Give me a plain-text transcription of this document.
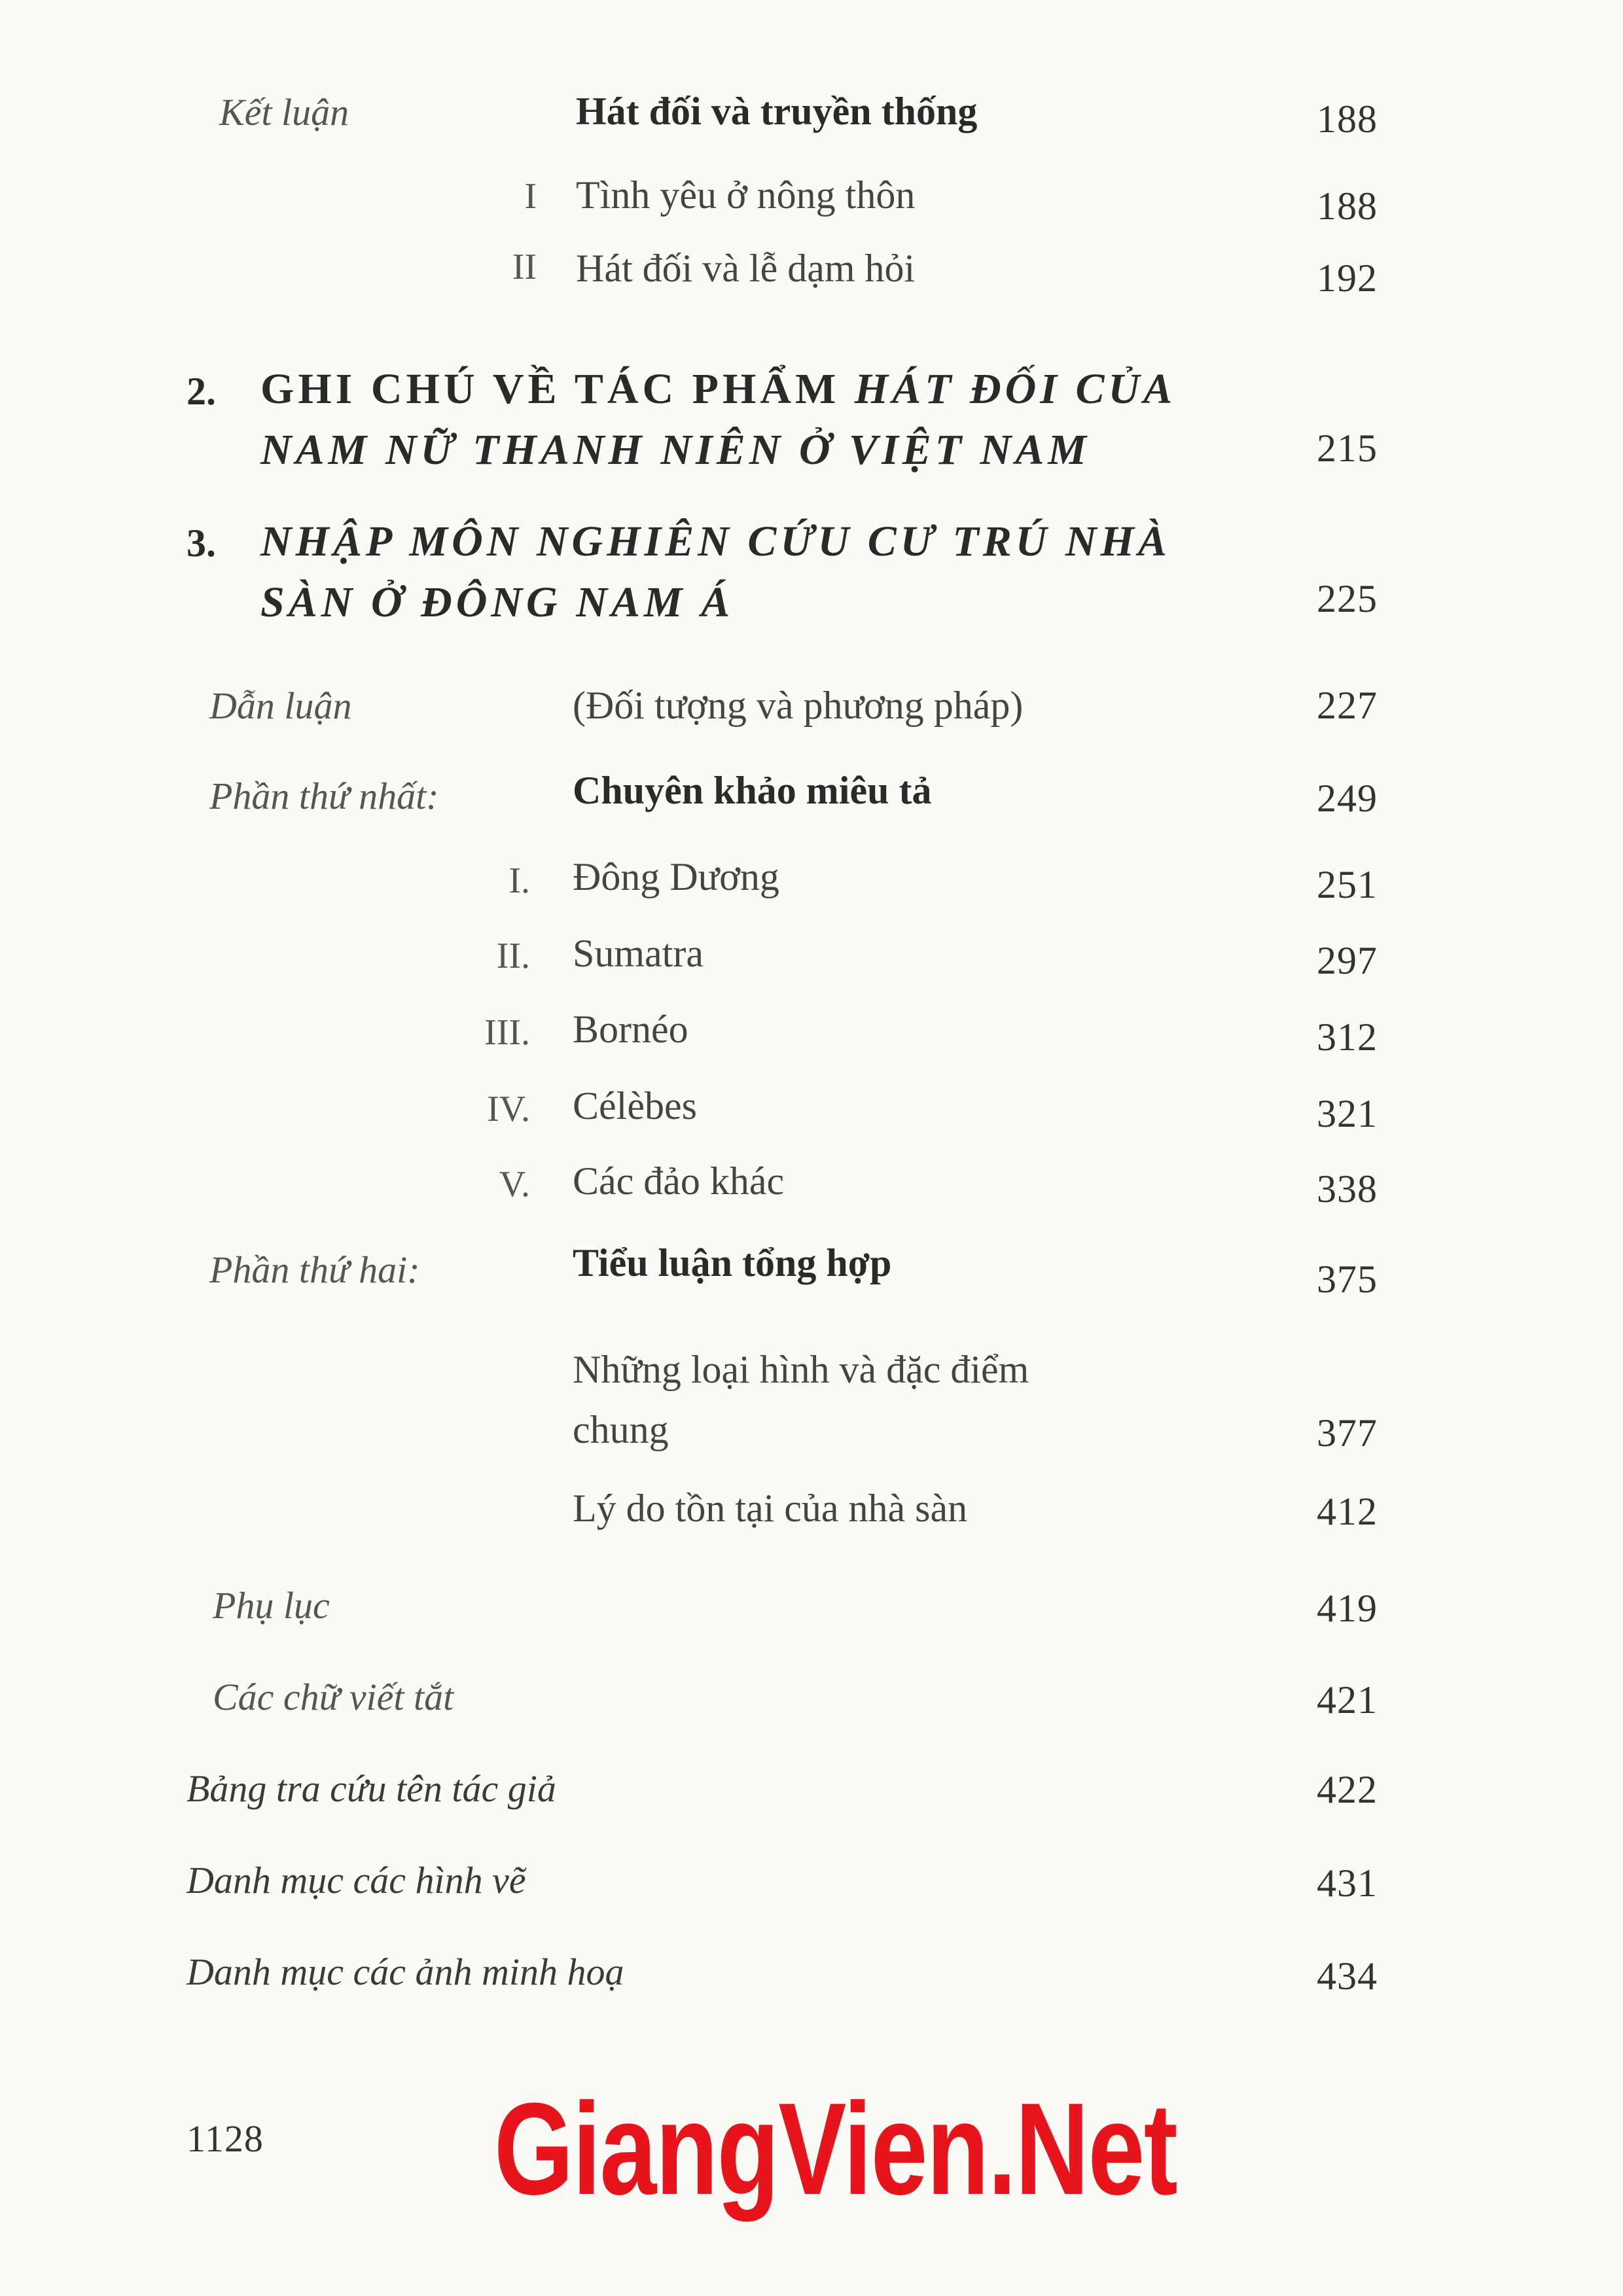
Kết luận	Hát đối và truyền thống	188
I Tình yêu ở nông thôn	188
II Hát đối và lễ dạm hỏi	192
2. GHI CHÚ VỀ TÁC PHẨM HÁT ĐỐI CỦA
NAM NỮ THANH NIÊN Ở VIỆT NAM	215
3. NHẬP MÔN NGHIÊN CỨU CƯ TRÚ NHÀ
SÀN Ở ĐÔNG NAM Á	225
Dẫn luận	(Đối tượng và phương pháp)	227
Phần thứ nhất:	Chuyên khảo miêu tả	249
I. Đông Dương	251
II. Sumatra	297
III. Bornéo	312
IV. Célèbes	321
V. Các đảo khác	338
Phần thứ hai:	Tiểu luận tổng hợp	375
Những loại hình và đặc điểm
chung	377
Lý do tồn tại của nhà sàn	412
Phụ lục	419
Các chữ viết tắt	421
Bảng tra cứu tên tác giả	422
Danh mục các hình vẽ	431
Danh mục các ảnh minh hoạ	434
1128 GiangVien.Net
